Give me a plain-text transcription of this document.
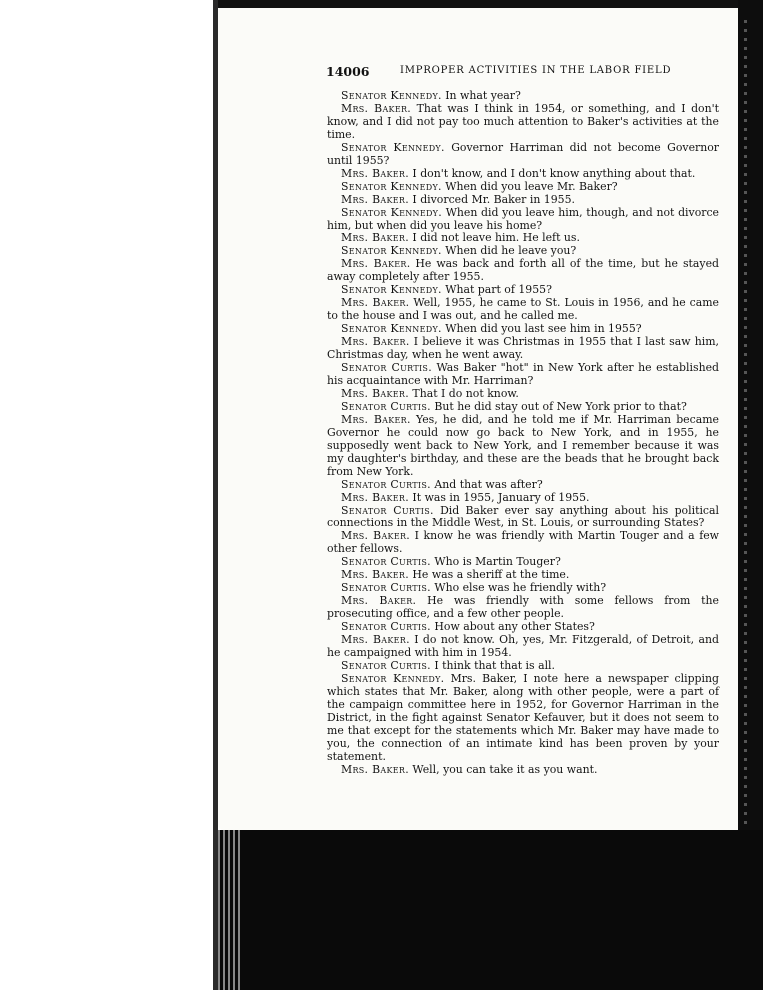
14006	IMPROPER ACTIVITIES IN THE LABOR FIELD

Senator Kennedy. In what year?

Mrs. Baker. That was I think in 1954, or something, and I don't know, and I did not pay too much attention to Baker's activities at the time.

Senator Kennedy. Governor Harriman did not become Governor until 1955?

Mrs. Baker. I don't know, and I don't know anything about that.

Senator Kennedy. When did you leave Mr. Baker?

Mrs. Baker. I divorced Mr. Baker in 1955.

Senator Kennedy. When did you leave him, though, and not divorce him, but when did you leave his home?

Mrs. Baker. I did not leave him. He left us.

Senator Kennedy. When did he leave you?

Mrs. Baker. He was back and forth all of the time, but he stayed away completely after 1955.

Senator Kennedy. What part of 1955?

Mrs. Baker. Well, 1955, he came to St. Louis in 1956, and he came to the house and I was out, and he called me.

Senator Kennedy. When did you last see him in 1955?

Mrs. Baker. I believe it was Christmas in 1955 that I last saw him, Christmas day, when he went away.

Senator Curtis. Was Baker "hot" in New York after he established his acquaintance with Mr. Harriman?

Mrs. Baker. That I do not know.

Senator Curtis. But he did stay out of New York prior to that?

Mrs. Baker. Yes, he did, and he told me if Mr. Harriman became Governor he could now go back to New York, and in 1955, he supposedly went back to New York, and I remember because it was my daughter's birthday, and these are the beads that he brought back from New York.

Senator Curtis. And that was after?

Mrs. Baker. It was in 1955, January of 1955.

Senator Curtis. Did Baker ever say anything about his political connections in the Middle West, in St. Louis, or surrounding States?

Mrs. Baker. I know he was friendly with Martin Touger and a few other fellows.

Senator Curtis. Who is Martin Touger?

Mrs. Baker. He was a sheriff at the time.

Senator Curtis. Who else was he friendly with?

Mrs. Baker. He was friendly with some fellows from the prosecuting office, and a few other people.

Senator Curtis. How about any other States?

Mrs. Baker. I do not know. Oh, yes, Mr. Fitzgerald, of Detroit, and he campaigned with him in 1954.

Senator Curtis. I think that that is all.

Senator Kennedy. Mrs. Baker, I note here a newspaper clipping which states that Mr. Baker, along with other people, were a part of the campaign committee here in 1952, for Governor Harriman in the District, in the fight against Senator Kefauver, but it does not seem to me that except for the statements which Mr. Baker may have made to you, the connection of an intimate kind has been proven by your statement.

Mrs. Baker. Well, you can take it as you want.
